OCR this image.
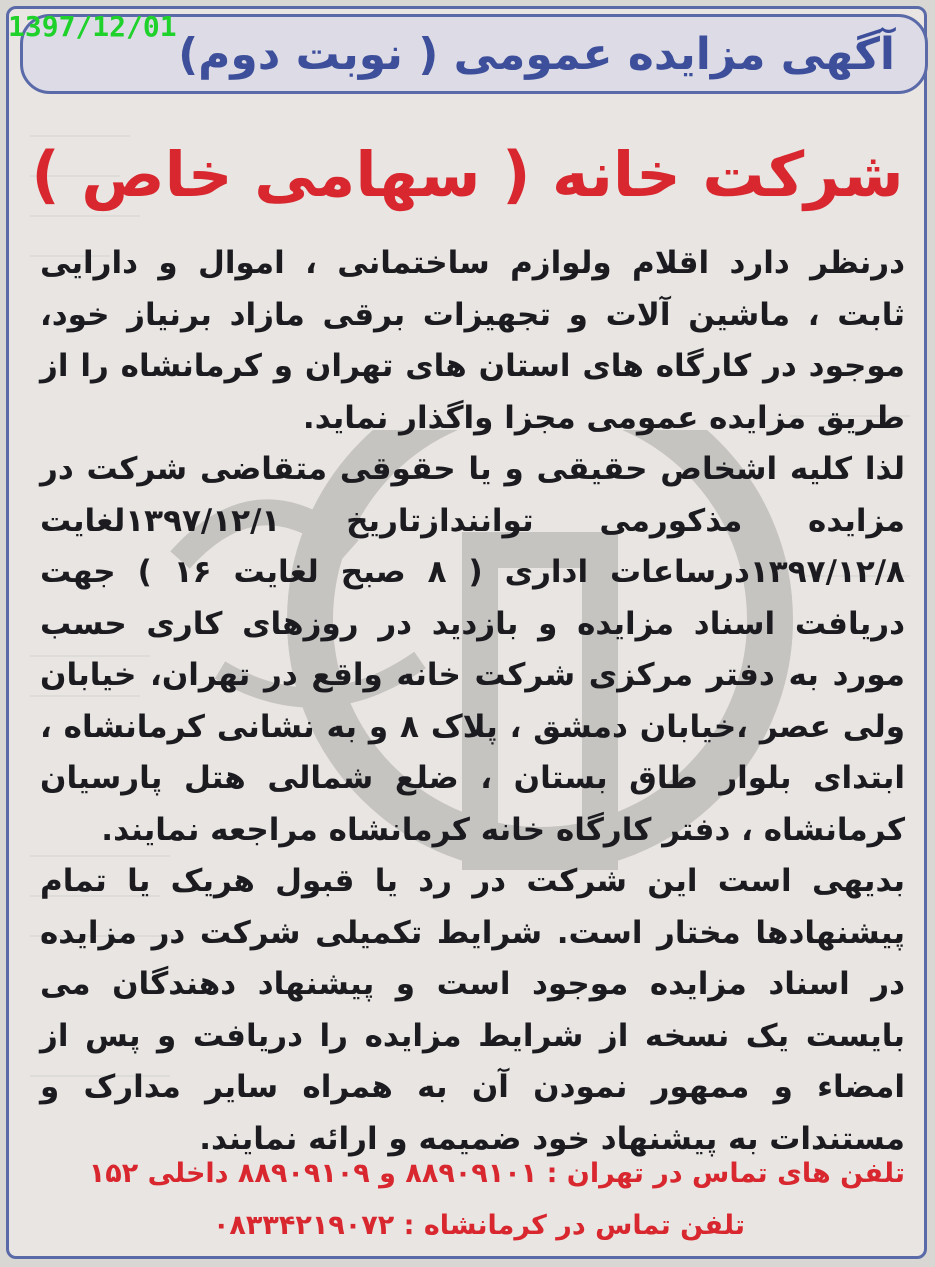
آگهی مزایده عمومی ( نوبت دوم)
1397/12/01
شرکت خانه ( سهامی خاص )

درنظر دارد اقلام ولوازم ساختمانی ، اموال و دارایی ثابت ، ماشین آلات و تجهیزات برقی مازاد برنیاز خود، موجود در کارگاه های استان های تهران و کرمانشاه را از طریق مزایده عمومی مجزا واگذار نماید.

لذا کلیه اشخاص حقیقی و یا حقوقی متقاضی شرکت در مزایده مذکورمی توانندازتاریخ ۱۳۹۷/۱۲/۱لغایت ۱۳۹۷/۱۲/۸درساعات اداری ( ۸ صبح لغایت ۱۶ ) جهت دریافت اسناد مزایده و بازدید در روزهای کاری حسب مورد به دفتر مرکزی شرکت خانه واقع در تهران، خیابان ولی عصر ،خیابان دمشق ، پلاک ۸ و به نشانی کرمانشاه ، ابتدای بلوار طاق بستان ، ضلع شمالی هتل پارسیان کرمانشاه ، دفتر کارگاه خانه کرمانشاه مراجعه نمایند.

بدیهی است این شرکت در رد یا قبول هریک یا تمام پیشنهادها مختار است. شرایط تکمیلی شرکت در مزایده در اسناد مزایده موجود است و پیشنهاد دهندگان می بایست یک نسخه از شرایط مزایده را دریافت و پس از امضاء و ممهور نمودن آن به همراه سایر مدارک و مستندات به پیشنهاد خود ضمیمه و ارائه نمایند.

تلفن های تماس در تهران : ۸۸۹۰۹۱۰۱ و ۸۸۹۰۹۱۰۹ داخلی ۱۵۲
تلفن تماس در کرمانشاه : ۰۸۳۳۴۲۱۹۰۷۲
